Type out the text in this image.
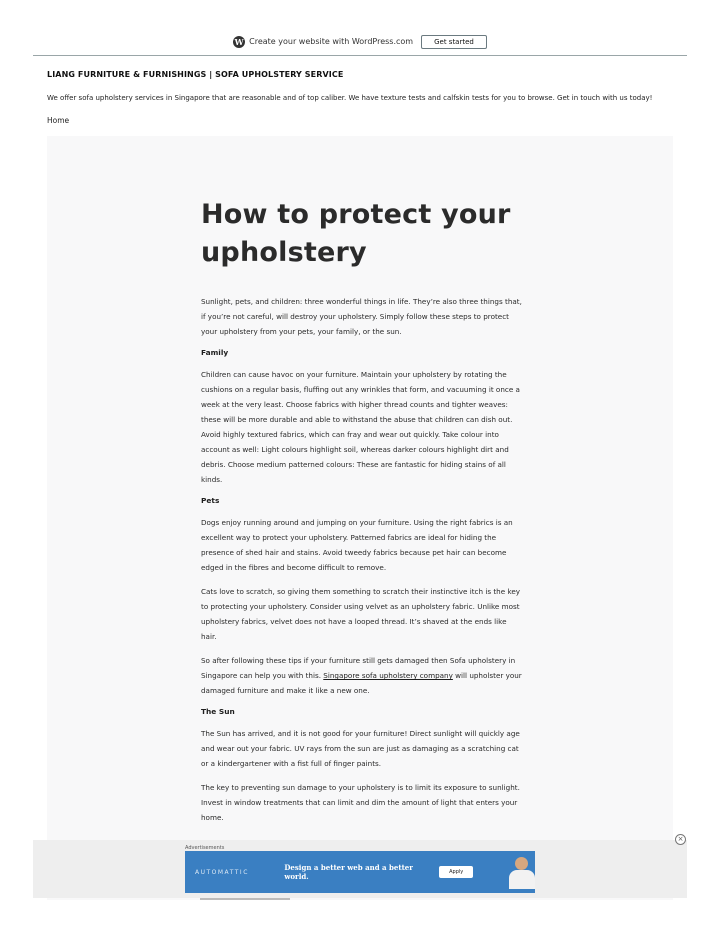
W Create your website with WordPress.com	Get started
LIANG FURNITURE & FURNISHINGS | SOFA UPHOLSTERY SERVICE
We offer sofa upholstery services in Singapore that are reasonable and of top caliber. We have texture tests and calfskin tests for you to browse. Get in touch with us today!
Home
How to protect your upholstery

Sunlight, pets, and children: three wonderful things in life. They’re also three things that, if you’re not careful, will destroy your upholstery. Simply follow these steps to protect your upholstery from your pets, your family, or the sun.

Family

Children can cause havoc on your furniture. Maintain your upholstery by rotating the cushions on a regular basis, fluffing out any wrinkles that form, and vacuuming it once a week at the very least. Choose fabrics with higher thread counts and tighter weaves: these will be more durable and able to withstand the abuse that children can dish out. Avoid highly textured fabrics, which can fray and wear out quickly. Take colour into account as well: Light colours highlight soil, whereas darker colours highlight dirt and debris. Choose medium patterned colours: These are fantastic for hiding stains of all kinds.

Pets

Dogs enjoy running around and jumping on your furniture. Using the right fabrics is an excellent way to protect your upholstery. Patterned fabrics are ideal for hiding the presence of shed hair and stains. Avoid tweedy fabrics because pet hair can become edged in the fibres and become difficult to remove.

Cats love to scratch, so giving them something to scratch their instinctive itch is the key to protecting your upholstery. Consider using velvet as an upholstery fabric. Unlike most upholstery fabrics, velvet does not have a looped thread. It’s shaved at the ends like hair.

So after following these tips if your furniture still gets damaged then Sofa upholstery in Singapore can help you with this. Singapore sofa upholstery company will upholster your damaged furniture and make it like a new one.

The Sun

The Sun has arrived, and it is not good for your furniture! Direct sunlight will quickly age and wear out your fabric. UV rays from the sun are just as damaging as a scratching cat or a kindergartener with a fist full of finger paints.

The key to preventing sun damage to your upholstery is to limit its exposure to sunlight. Invest in window treatments that can limit and dim the amount of light that enters your home.

Advertisements
AUTOMATTIC	Design a better web and a better world.	Apply
×
